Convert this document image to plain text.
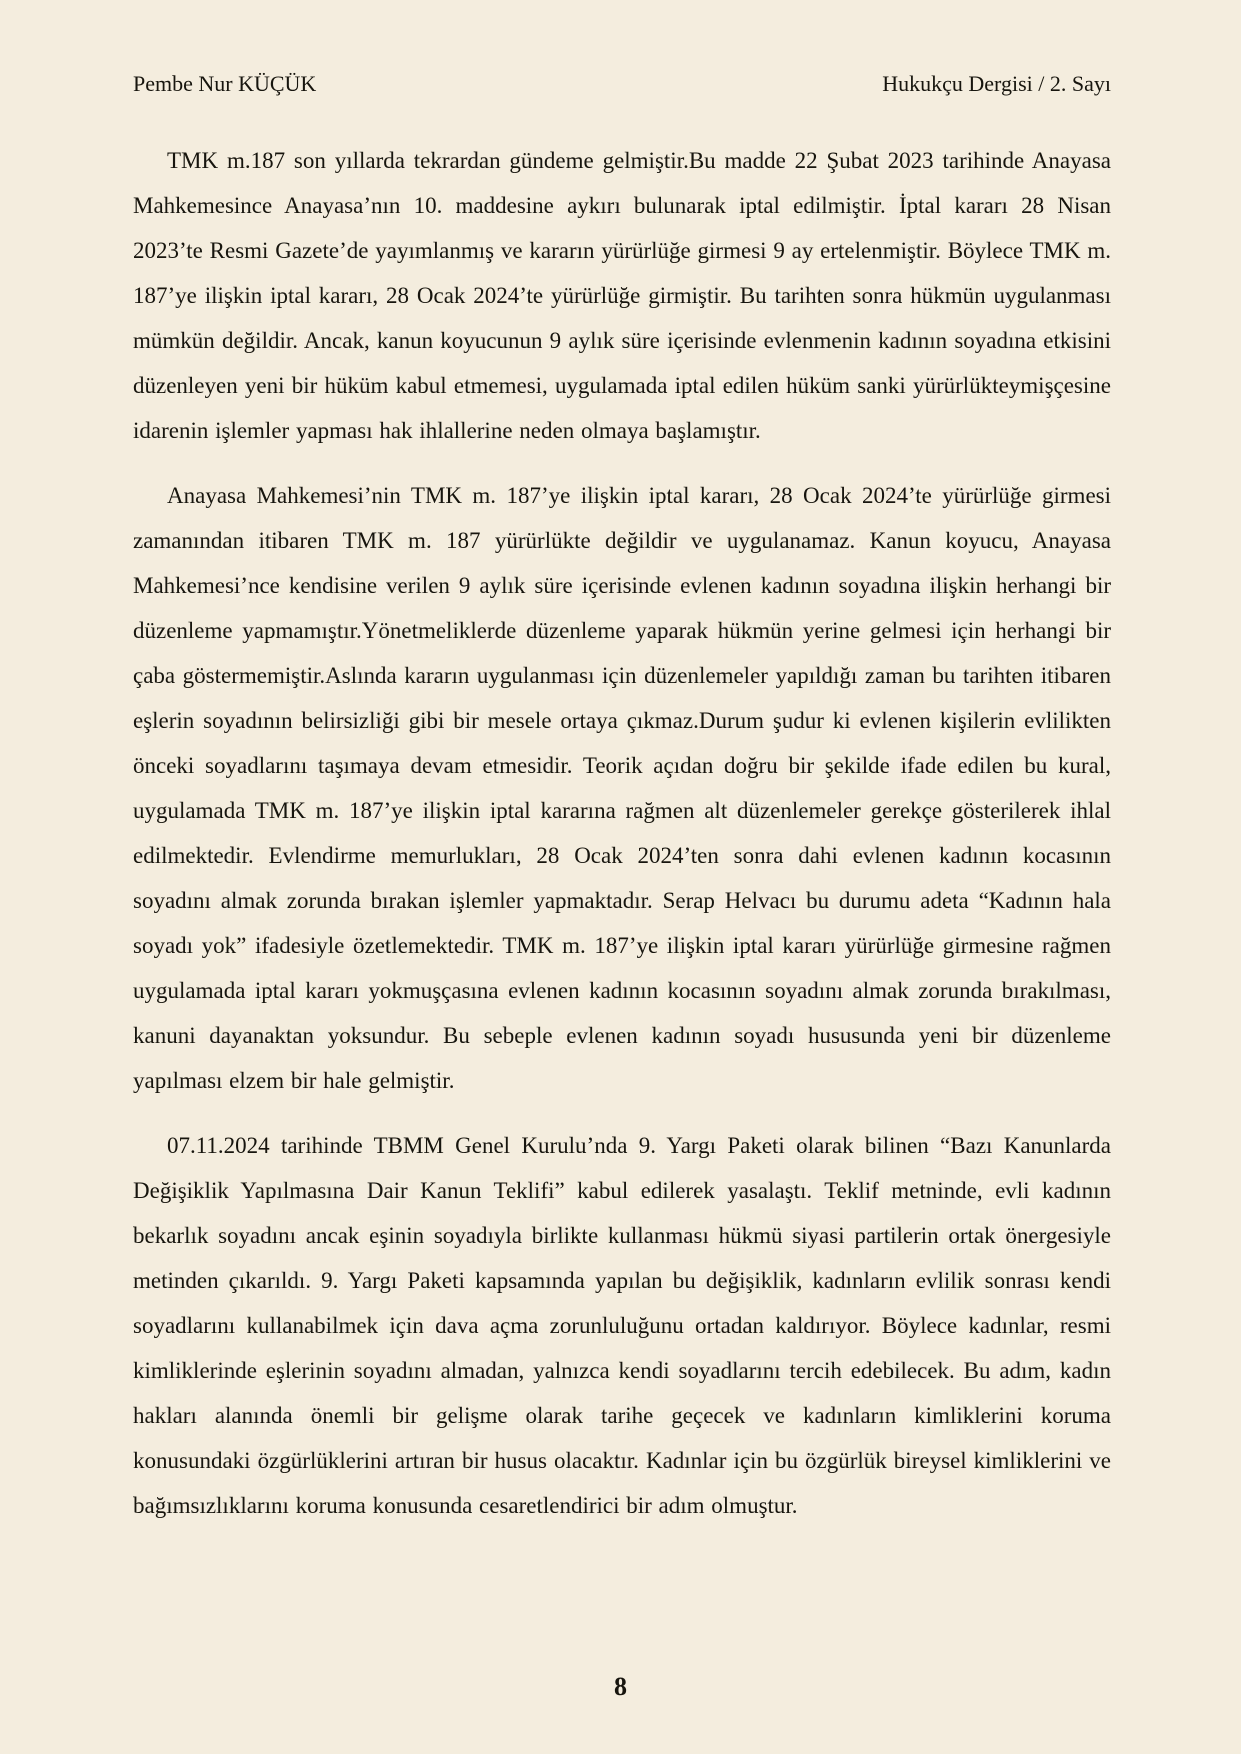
Pembe Nur KÜÇÜK	Hukukçu Dergisi / 2. Sayı

TMK m.187 son yıllarda tekrardan gündeme gelmiştir.Bu madde 22 Şubat 2023 tarihinde Anayasa Mahkemesince Anayasa’nın 10. maddesine aykırı bulunarak iptal edilmiştir. İptal kararı 28 Nisan 2023’te Resmi Gazete’de yayımlanmış ve kararın yürürlüğe girmesi 9 ay ertelenmiştir. Böylece TMK m. 187’ye ilişkin iptal kararı, 28 Ocak 2024’te yürürlüğe girmiştir. Bu tarihten sonra hükmün uygulanması mümkün değildir. Ancak, kanun koyucunun 9 aylık süre içerisinde evlenmenin kadının soyadına etkisini düzenleyen yeni bir hüküm kabul etmemesi, uygulamada iptal edilen hüküm sanki yürürlükteymişçesine idarenin işlemler yapması hak ihlallerine neden olmaya başlamıştır.

Anayasa Mahkemesi’nin TMK m. 187’ye ilişkin iptal kararı, 28 Ocak 2024’te yürürlüğe girmesi zamanından itibaren TMK m. 187 yürürlükte değildir ve uygulanamaz. Kanun koyucu, Anayasa Mahkemesi’nce kendisine verilen 9 aylık süre içerisinde evlenen kadının soyadına ilişkin herhangi bir düzenleme yapmamıştır.Yönetmeliklerde düzenleme yaparak hükmün yerine gelmesi için herhangi bir çaba göstermemiştir.Aslında kararın uygulanması için düzenlemeler yapıldığı zaman bu tarihten itibaren eşlerin soyadının belirsizliği gibi bir mesele ortaya çıkmaz.Durum şudur ki evlenen kişilerin evlilikten önceki soyadlarını taşımaya devam etmesidir. Teorik açıdan doğru bir şekilde ifade edilen bu kural, uygulamada TMK m. 187’ye ilişkin iptal kararına rağmen alt düzenlemeler gerekçe gösterilerek ihlal edilmektedir. Evlendirme memurlukları, 28 Ocak 2024’ten sonra dahi evlenen kadının kocasının soyadını almak zorunda bırakan işlemler yapmaktadır. Serap Helvacı bu durumu adeta “Kadının hala soyadı yok” ifadesiyle özetlemektedir. TMK m. 187’ye ilişkin iptal kararı yürürlüğe girmesine rağmen uygulamada iptal kararı yokmuşçasına evlenen kadının kocasının soyadını almak zorunda bırakılması, kanuni dayanaktan yoksundur. Bu sebeple evlenen kadının soyadı hususunda yeni bir düzenleme yapılması elzem bir hale gelmiştir.

07.11.2024 tarihinde TBMM Genel Kurulu’nda 9. Yargı Paketi olarak bilinen “Bazı Kanunlarda Değişiklik Yapılmasına Dair Kanun Teklifi” kabul edilerek yasalaştı. Teklif metninde, evli kadının bekarlık soyadını ancak eşinin soyadıyla birlikte kullanması hükmü siyasi partilerin ortak önergesiyle metinden çıkarıldı. 9. Yargı Paketi kapsamında yapılan bu değişiklik, kadınların evlilik sonrası kendi soyadlarını kullanabilmek için dava açma zorunluluğunu ortadan kaldırıyor. Böylece kadınlar, resmi kimliklerinde eşlerinin soyadını almadan, yalnızca kendi soyadlarını tercih edebilecek. Bu adım, kadın hakları alanında önemli bir gelişme olarak tarihe geçecek ve kadınların kimliklerini koruma konusundaki özgürlüklerini artıran bir husus olacaktır. Kadınlar için bu özgürlük bireysel kimliklerini ve bağımsızlıklarını koruma konusunda cesaretlendirici bir adım olmuştur.

8
